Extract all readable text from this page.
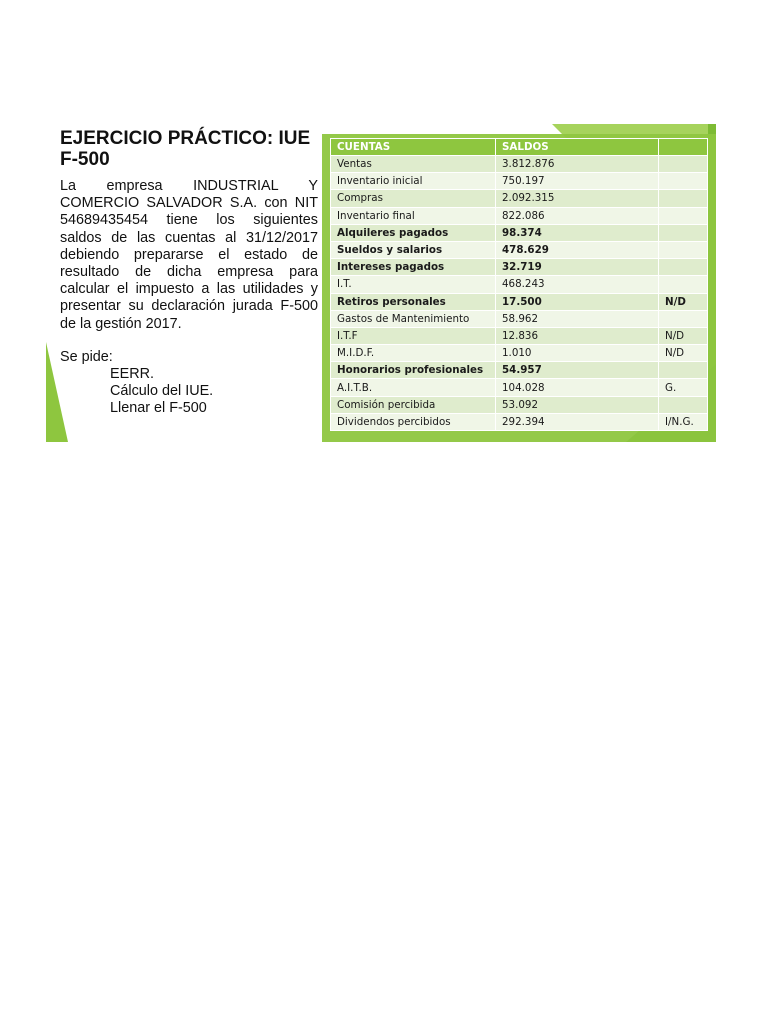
EJERCICIO PRÁCTICO: IUE F-500

La empresa INDUSTRIAL Y COMERCIO SALVADOR S.A. con NIT 54689435454 tiene los siguientes saldos de las cuentas al 31/12/2017 debiendo prepararse el estado de resultado de dicha empresa para calcular el impuesto a las utilidades y presentar su declaración jurada F-500 de la gestión 2017.

Se pide:
EERR.
Cálculo del IUE.
Llenar el F-500
CUENTAS	SALDOS	
Ventas	3.812.876	
Inventario inicial	750.197	
Compras	2.092.315	
Inventario final	822.086	
Alquileres pagados	98.374	
Sueldos y salarios	478.629	
Intereses pagados	32.719	
I.T.	468.243	
Retiros personales	17.500	N/D
Gastos de Mantenimiento	58.962	
I.T.F	12.836	N/D
M.I.D.F.	1.010	N/D
Honorarios profesionales	54.957	
A.I.T.B.	104.028	G.
Comisión percibida	53.092	
Dividendos percibidos	292.394	I/N.G.
